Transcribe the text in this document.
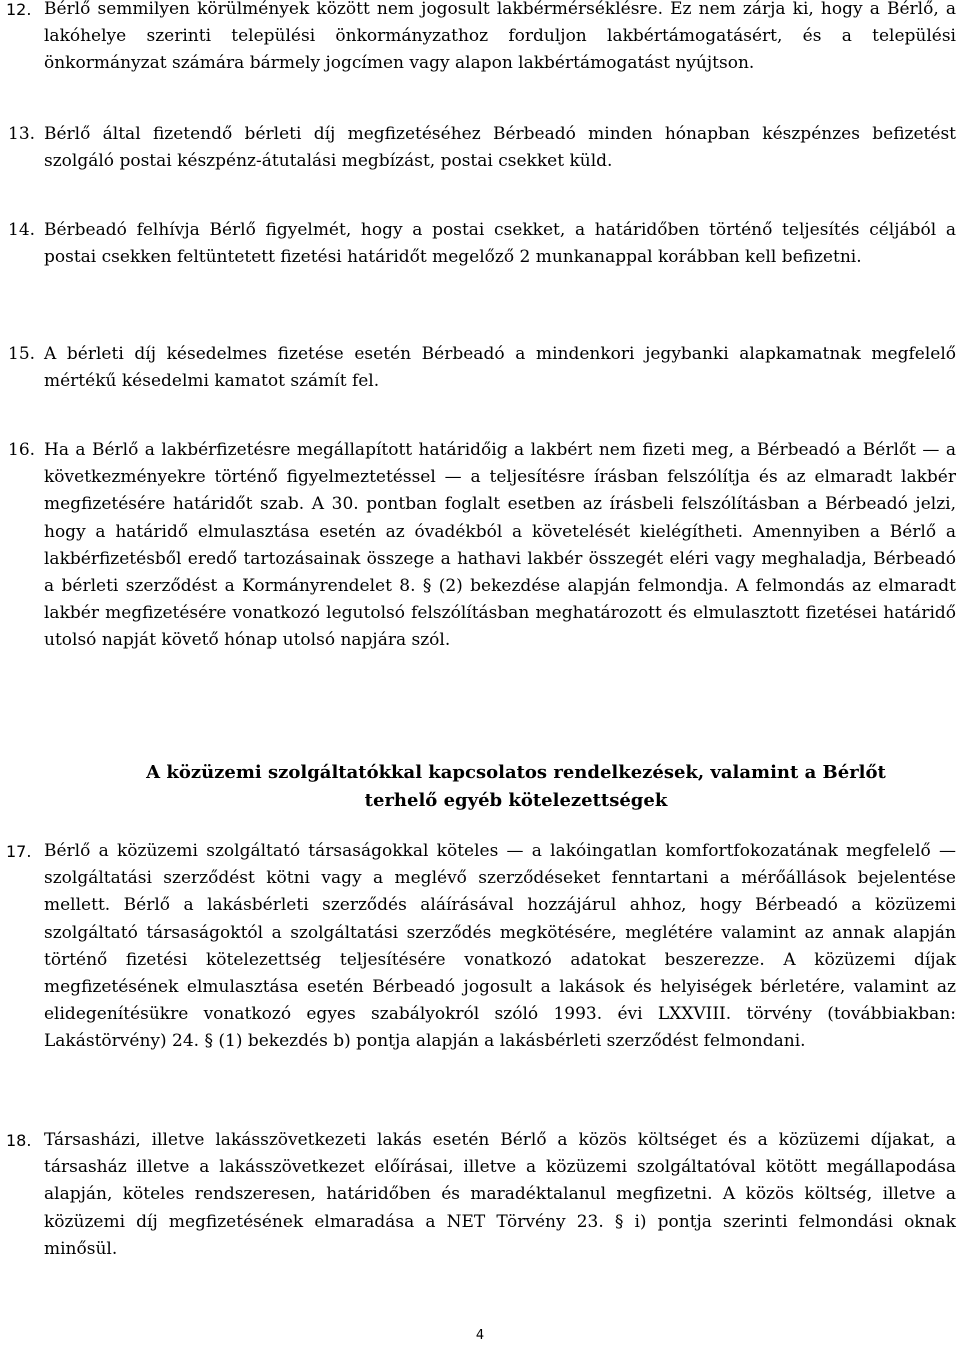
12. Bérlő semmilyen körülmények között nem jogosult lakbérmérséklésre. Ez nem zárja ki, hogy a Bérlő, a lakóhelye szerinti települési önkormányzathoz forduljon lakbértámogatásért, és a települési önkormányzat számára bármely jogcímen vagy alapon lakbértámogatást nyújtson.

13. Bérlő által fizetendő bérleti díj megfizetéséhez Bérbeadó minden hónapban készpénzes befizetést szolgáló postai készpénz-átutalási megbízást, postai csekket küld.

14. Bérbeadó felhívja Bérlő figyelmét, hogy a postai csekket, a határidőben történő teljesítés céljából a postai csekken feltüntetett fizetési határidőt megelőző 2 munkanappal korábban kell befizetni.

15. A bérleti díj késedelmes fizetése esetén Bérbeadó a mindenkori jegybanki alapkamatnak megfelelő mértékű késedelmi kamatot számít fel.

16. Ha a Bérlő a lakbérfizetésre megállapított határidőig a lakbért nem fizeti meg, a Bérbeadó a Bérlőt — a következményekre történő figyelmeztetéssel — a teljesítésre írásban felszólítja és az elmaradt lakbér megfizetésére határidőt szab. A 30. pontban foglalt esetben az írásbeli felszólításban a Bérbeadó jelzi, hogy a határidő elmulasztása esetén az óvadékból a követelését kielégítheti. Amennyiben a Bérlő a lakbérfizetésből eredő tartozásainak összege a hathavi lakbér összegét eléri vagy meghaladja, Bérbeadó a bérleti szerződést a Kormányrendelet 8. § (2) bekezdése alapján felmondja. A felmondás az elmaradt lakbér megfizetésére vonatkozó legutolsó felszólításban meghatározott és elmulasztott fizetései határidő utolsó napját követő hónap utolsó napjára szól.

A közüzemi szolgáltatókkal kapcsolatos rendelkezések, valamint a Bérlőt
terhelő egyéb kötelezettségek
17. Bérlő a közüzemi szolgáltató társaságokkal köteles — a lakóingatlan komfortfokozatának megfelelő — szolgáltatási szerződést kötni vagy a meglévő szerződéseket fenntartani a mérőállások bejelentése mellett. Bérlő a lakásbérleti szerződés aláírásával hozzájárul ahhoz, hogy Bérbeadó a közüzemi szolgáltató társaságoktól a szolgáltatási szerződés megkötésére, meglétére valamint az annak alapján történő fizetési kötelezettség teljesítésére vonatkozó adatokat beszerezze. A közüzemi díjak megfizetésének elmulasztása esetén Bérbeadó jogosult a lakások és helyiségek bérletére, valamint az elidegenítésükre vonatkozó egyes szabályokról szóló 1993. évi LXXVIII. törvény (továbbiakban: Lakástörvény) 24. § (1) bekezdés b) pontja alapján a lakásbérleti szerződést felmondani.

18. Társasházi, illetve lakásszövetkezeti lakás esetén Bérlő a közös költséget és a közüzemi díjakat, a társasház illetve a lakásszövetkezet előírásai, illetve a közüzemi szolgáltatóval kötött megállapodása alapján, köteles rendszeresen, határidőben és maradéktalanul megfizetni. A közös költség, illetve a közüzemi díj megfizetésének elmaradása a NET Törvény 23. § i) pontja szerinti felmondási oknak minősül.

4
